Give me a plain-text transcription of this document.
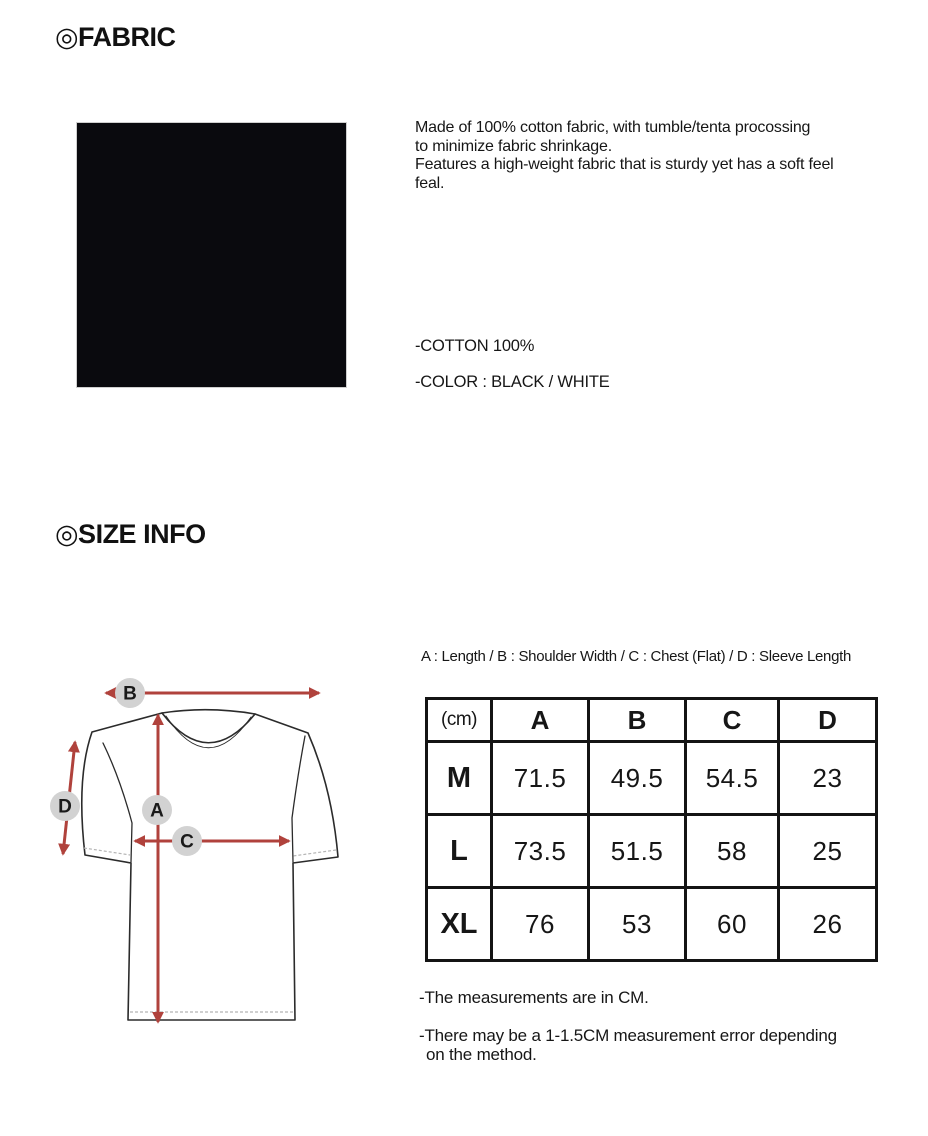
◎FABRIC
Made of 100% cotton fabric, with tumble/tenta procossing
to minimize fabric shrinkage.
Features a high-weight fabric that is sturdy yet has a soft feel
feal.
-COTTON 100%
-COLOR : BLACK / WHITE
◎SIZE INFO
A : Length / B : Shoulder Width / C : Chest (Flat) / D : Sleeve Length
B
A
C
D
(cm)	A	B	C	D
M	71.5	49.5	54.5	23
L	73.5	51.5	58	25
XL	76	53	60	26
-The measurements are in CM.
-There may be a 1-1.5CM measurement error depending
on the method.
